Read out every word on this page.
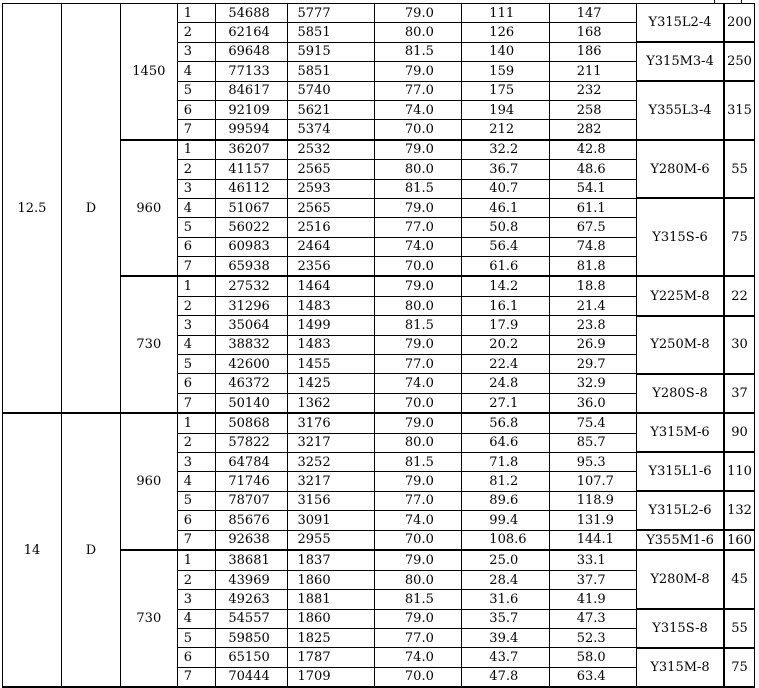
12.5	D	1450	1	54688	5777	79.0	111	147	Y315L2-4	200
			2	62164	5851	80.0	126	168		
			3	69648	5915	81.5	140	186	Y315M3-4	250
			4	77133	5851	79.0	159	211		
			5	84617	5740	77.0	175	232	Y355L3-4	315
			6	92109	5621	74.0	194	258		
			7	99594	5374	70.0	212	282		
		960	1	36207	2532	79.0	32.2	42.8	Y280M-6	55
			2	41157	2565	80.0	36.7	48.6		
			3	46112	2593	81.5	40.7	54.1		
			4	51067	2565	79.0	46.1	61.1	Y315S-6	75
			5	56022	2516	77.0	50.8	67.5		
			6	60983	2464	74.0	56.4	74.8		
			7	65938	2356	70.0	61.6	81.8		
		730	1	27532	1464	79.0	14.2	18.8	Y225M-8	22
			2	31296	1483	80.0	16.1	21.4		
			3	35064	1499	81.5	17.9	23.8	Y250M-8	30
			4	38832	1483	79.0	20.2	26.9		
			5	42600	1455	77.0	22.4	29.7		
			6	46372	1425	74.0	24.8	32.9	Y280S-8	37
			7	50140	1362	70.0	27.1	36.0		
14	D	960	1	50868	3176	79.0	56.8	75.4	Y315M-6	90
			2	57822	3217	80.0	64.6	85.7		
			3	64784	3252	81.5	71.8	95.3	Y315L1-6	110
			4	71746	3217	79.0	81.2	107.7		
			5	78707	3156	77.0	89.6	118.9	Y315L2-6	132
			6	85676	3091	74.0	99.4	131.9		
			7	92638	2955	70.0	108.6	144.1	Y355M1-6	160
		730	1	38681	1837	79.0	25.0	33.1	Y280M-8	45
			2	43969	1860	80.0	28.4	37.7		
			3	49263	1881	81.5	31.6	41.9		
			4	54557	1860	79.0	35.7	47.3	Y315S-8	55
			5	59850	1825	77.0	39.4	52.3		
			6	65150	1787	74.0	43.7	58.0	Y315M-8	75
			7	70444	1709	70.0	47.8	63.4		
